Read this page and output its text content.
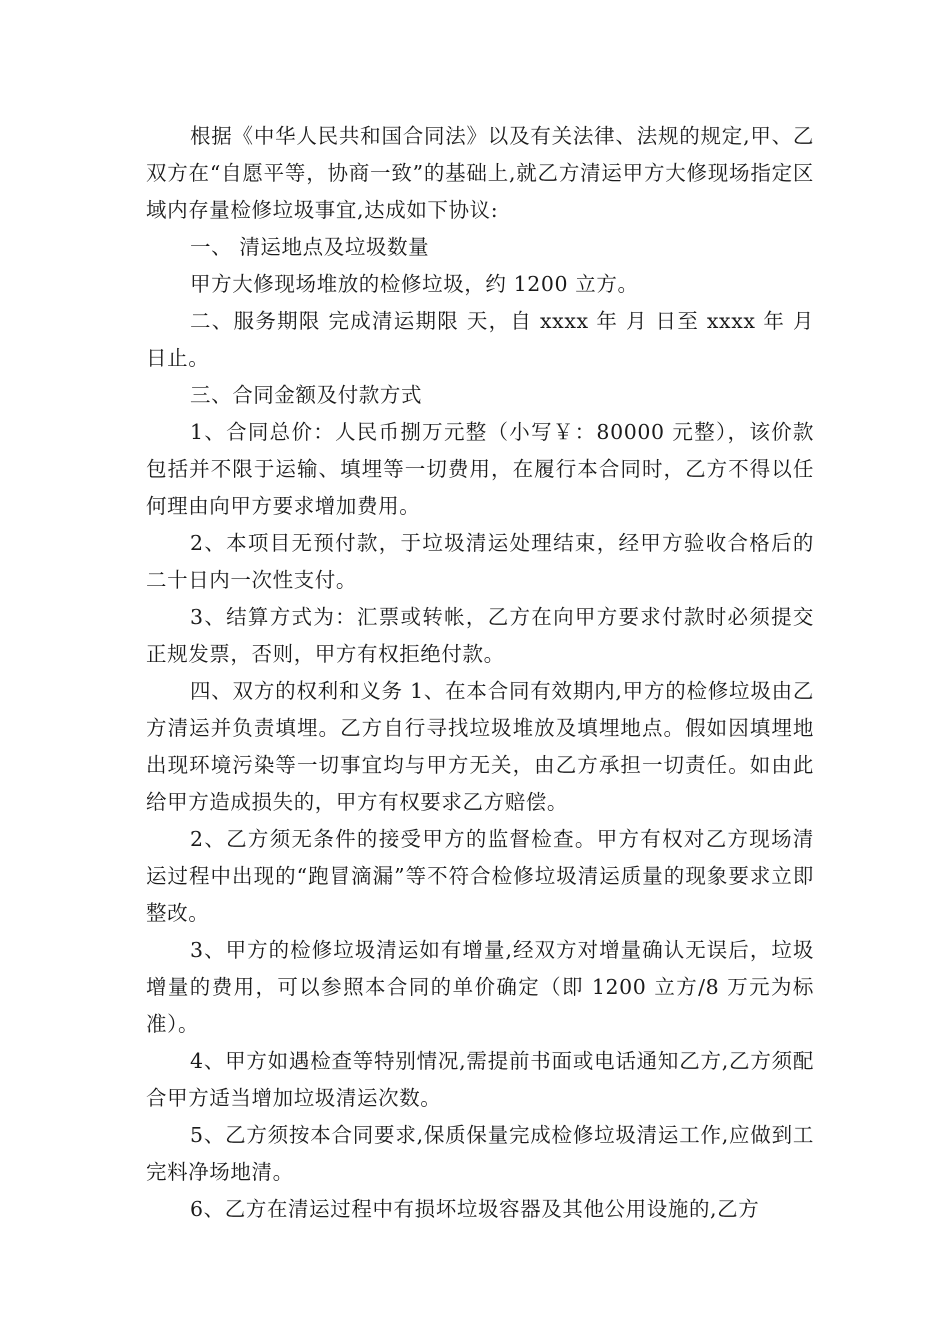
根据《中华人民共和国合同法》以及有关法律、法规的规定,甲、乙双方在“自愿平等，协商一致”的基础上,就乙方清运甲方大修现场指定区域内存量检修垃圾事宜,达成如下协议:

一、 清运地点及垃圾数量

甲方大修现场堆放的检修垃圾，约 1200 立方。

二、服务期限 完成清运期限 天，自 xxxx 年 月 日至 xxxx 年 月日止。

三、合同金额及付款方式

1、合同总价：人民币捌万元整（小写￥：80000 元整），该价款包括并不限于运输、填埋等一切费用，在履行本合同时，乙方不得以任何理由向甲方要求增加费用。

2、本项目无预付款，于垃圾清运处理结束，经甲方验收合格后的二十日内一次性支付。

3、结算方式为：汇票或转帐，乙方在向甲方要求付款时必须提交正规发票，否则，甲方有权拒绝付款。

四、双方的权利和义务 1、在本合同有效期内,甲方的检修垃圾由乙方清运并负责填埋。乙方自行寻找垃圾堆放及填埋地点。假如因填埋地出现环境污染等一切事宜均与甲方无关，由乙方承担一切责任。如由此给甲方造成损失的，甲方有权要求乙方赔偿。

2、乙方须无条件的接受甲方的监督检查。甲方有权对乙方现场清运过程中出现的“跑冒滴漏”等不符合检修垃圾清运质量的现象要求立即整改。

3、甲方的检修垃圾清运如有增量,经双方对增量确认无误后，垃圾增量的费用，可以参照本合同的单价确定（即 1200 立方/8 万元为标准）。

4、甲方如遇检查等特别情况,需提前书面或电话通知乙方,乙方须配合甲方适当增加垃圾清运次数。

5、乙方须按本合同要求,保质保量完成检修垃圾清运工作,应做到工完料净场地清。

6、乙方在清运过程中有损坏垃圾容器及其他公用设施的,乙方
